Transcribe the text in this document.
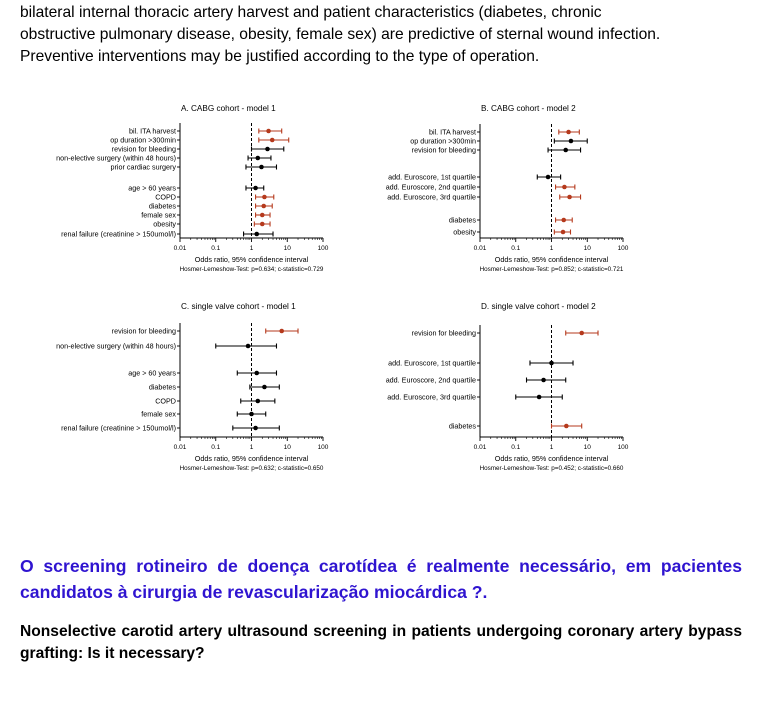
bilateral internal thoracic artery harvest and patient characteristics (diabetes, chronic
obstructive pulmonary disease, obesity, female sex) are predictive of sternal wound infection.
Preventive interventions may be justified according to the type of operation.
A. CABG cohort - model 1
0.01	0.1	1	10	100
bil. ITA harvest
op duration >300min
revision for bleeding
non-elective surgery (within 48 hours)
prior cardiac surgery
age > 60 years
COPD
diabetes
female sex
obesity
renal failure (creatinine > 150umol/l)
Odds ratio, 95% confidence interval
Hosmer-Lemeshow-Test: p=0.634; c-statistic=0.729
B. CABG cohort - model 2
0.01	0.1	1	10	100
bil. ITA harvest
op duration >300min
revision for bleeding
add. Euroscore, 1st quartile
add. Euroscore, 2nd quartile
add. Euroscore, 3rd quartile
diabetes
obesity
Odds ratio, 95% confidence interval
Hosmer-Lemeshow-Test: p=0.852; c-statistic=0.721
C. single valve cohort - model 1
0.01	0.1	1	10	100
revision for bleeding
non-elective surgery (within 48 hours)
age > 60 years
diabetes
COPD
female sex
renal failure (creatinine > 150umol/l)
Odds ratio, 95% confidence interval
Hosmer-Lemeshow-Test: p=0.632; c-statistic=0.650
D. single valve cohort - model 2
0.01	0.1	1	10	100
revision for bleeding
add. Euroscore, 1st quartile
add. Euroscore, 2nd quartile
add. Euroscore, 3rd quartile
diabetes
Odds ratio, 95% confidence interval
Hosmer-Lemeshow-Test: p=0.452; c-statistic=0.660

O screening rotineiro de doença carotídea é realmente necessário, em pacientes candidatos à cirurgia de revascularização miocárdica ?.

Nonselective carotid artery ultrasound screening in patients undergoing coronary artery bypass grafting: Is it necessary?
